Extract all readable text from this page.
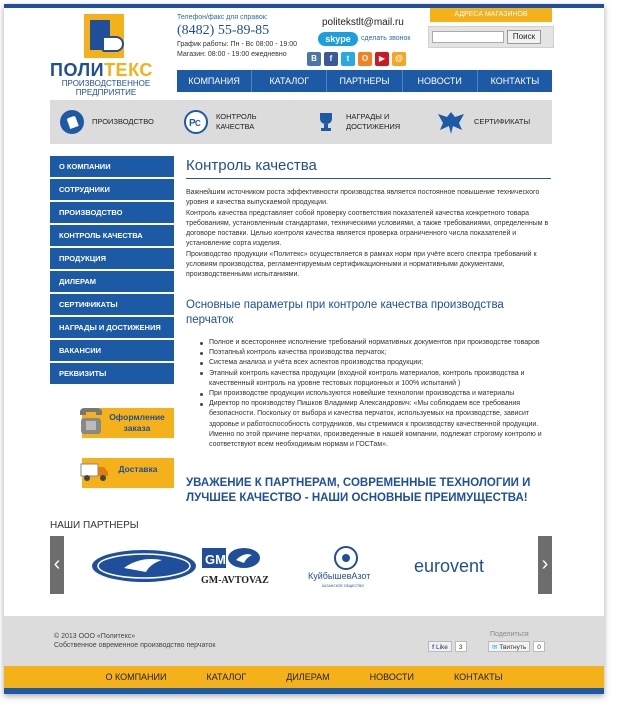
ПОЛИТЕКС
ПРОИЗВОДСТВЕННОЕ ПРЕДПРИЯТИЕ
Телефон/факс для справок:
(8482) 55-89-85
График работы: Пн - Вс 08:00 - 19:00
Магазин: 08:00 - 19:00 ежедневно
politekstlt@mail.ru
skype	сделать звонок
В	f	t	О	▶	@
АДРЕСА МАГАЗИНОВ
Поиск
КОМПАНИЯ	КАТАЛОГ	ПАРТНЕРЫ	НОВОСТИ	КОНТАКТЫ
ПРОИЗВОДСТВО	Р С
КОНТРОЛЬ КАЧЕСТВА
НАГРАДЫ И ДОСТИЖЕНИЯ
СЕРТИФИКАТЫ
О КОМПАНИИ
СОТРУДНИКИ
ПРОИЗВОДСТВО
КОНТРОЛЬ КАЧЕСТВА
ПРОДУКЦИЯ
ДИЛЕРАМ
СЕРТИФИКАТЫ
НАГРАДЫ И ДОСТИЖЕНИЯ
ВАКАНСИИ
РЕКВИЗИТЫ
Оформление заказа
Доставка
Контроль качества

Важнейшим источником роста эффективности производства является постоянное повышение технического уровня и качества выпускаемой продукции.

Контроль качества представляет собой проверку соответствия показателей качества конкретного товара требованиям, установленным стандартами, техническими условиями, а также требованиями, определенным в договоре поставки. Целью контроля качества является проверка ограниченного числа показателей и установление сорта изделия.

Производство продукции «Политекс» осуществляется в рамках норм при учёте всего спектра требований к условиям производства, регламентируемым сертификационными и нормативными документами, производственными испытаниями.

Основные параметры при контроле качества производства перчаток
Полное и всестороннее исполнение требований нормативных документов при производстве товаров
Поэтапный контроль качества производства перчаток;
Система анализа и учёта всех аспектов производства продукции;
Этапный контроль качества продукции (входной контроль материалов, контроль производства и качественный контроль на уровне тестовых порционных и 100% испытаний )
При производстве продукции используются новейшие технологии производства и материалы
Директор по производству Пишков Владимир Александрович: «Мы соблюдаем все требования безопасности. Поскольку от выбора и качества перчаток, используемых на производстве, зависит здоровье и работоспособность сотрудников, мы стремимся к производству качественной продукции. Именно по этой причине перчатки, произведенные в нашей компании, подлежат строгому контролю и соответствуют всем необходимым нормам и ГОСТам».
УВАЖЕНИЕ К ПАРТНЕРАМ, СОВРЕМЕННЫЕ ТЕХНОЛОГИИ И ЛУЧШЕЕ КАЧЕСТВО - НАШИ ОСНОВНЫЕ ПРЕИМУЩЕСТВА!
НАШИ ПАРТНЕРЫ
GM
GM-AVTOVAZ	КуйбышевАзот
КАЗАНСКОЕ ОБЩЕСТВО
eurovent
‹	›
© 2013 ООО «Политекс»
Собственное овременное производство перчаток
Поделиться
f Like	3	✉ Твитнуть	0
О КОМПАНИИ	КАТАЛОГ	ДИЛЕРАМ	НОВОСТИ	КОНТАКТЫ
